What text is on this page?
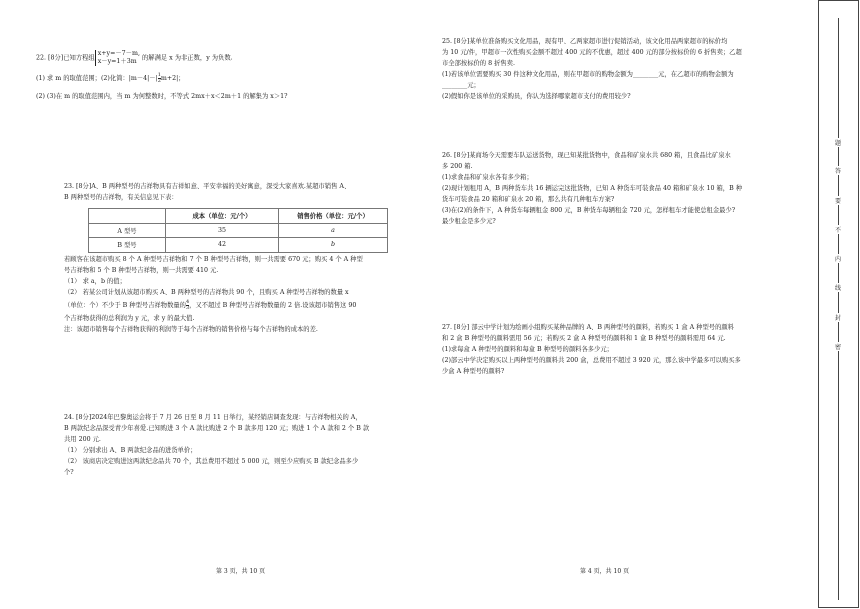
22. [8分]已知方程组
x+y=－7－m,
x－y=1＋3m 的解满足 x 为非正数，y 为负数.

(1) 求 m 的取值范围；(2)化简：$|m-4|-| \frac{1}{2} m+2|$；

(2) (3)在 m 的取值范围内，当 m 为何整数时，不等式 2mx＋x＜2m＋1 的解集为 x＞1?

23. [8分]A、B 两种型号的吉祥物具有吉祥如意、平安幸福的美好寓意，深受大家喜欢.某超市销售 A、

B 两种型号的吉祥物，有关信息见下表：

	成本（单位：元/个）	销售价格（单位：元/个）
A 型号	35	a
B 型号	42	b

若顾客在该超市购买 8 个 A 种型号吉祥物和 7 个 B 种型号吉祥物，则一共需要 670 元；购买 4 个 A 种型

号吉祥物和 5 个 B 种型号吉祥物，则一共需要 410 元.

（1） 求 a，b 的值；

（2） 若某公司计划从该超市购买 A、B 两种型号的吉祥物共 90 个，且购买 A 种型号吉祥物的数量 x

（单位：个）不少于 B 种型号吉祥物数量的 $\frac{4}{3}$ ，又不超过 B 种型号吉祥物数量的 2 倍.设该超市销售这 90

个吉祥物获得的总利润为 y 元，求 y 的最大值.

注：该超市销售每个吉祥物获得的利润等于每个吉祥物的销售价格与每个吉祥物的成本的差.

24. [8分]2024年巴黎奥运会将于 7 月 26 日至 8 月 11 日举行，某经销店调查发现：与吉祥物相关的 A，

B 两款纪念品深受青少年喜爱.已知购进 3 个 A 款比购进 2 个 B 款多用 120 元；购进 1 个 A 款和 2 个 B 款

共用 200 元.

（1） 分别求出 A、B 两款纪念品的进货单价；

（2） 该商店决定购进这两款纪念品共 70 个，其总费用不超过 5 000 元，则至少应购买 B 款纪念品多少

个?

第 3 页，共 10 页

25. [8分]某单位准备购买文化用品，现有甲、乙两家超市进行促销活动，该文化用品两家超市的标价均

为 10 元/件，甲超市一次性购买金额不超过 400 元的不优惠，超过 400 元的部分按标价的 6 折售卖；乙超

市全部按标价的 8 折售卖.

(1)若该单位需要购买 30 件这种文化用品，则在甲超市的购物金额为________元，在乙超市的购物金额为

________元；

(2)假如你是该单位的采购员，你认为选择哪家超市支付的费用较少?

26. [8分]某商场今天需要车队运送货物，现已知某批货物中，食品和矿泉水共 680 箱，且食品比矿泉水

多 200 箱.

(1)求食品和矿泉水各有多少箱；

(2)现计划租用 A，B 两种货车共 16 辆运完这批货物，已知 A 种货车可装食品 40 箱和矿泉水 10 箱，B 种

货车可装食品 20 箱和矿泉水 20 箱，那么共有几种租车方案?

(3)在(2)的条件下，A 种货车每辆租金 800 元，B 种货车每辆租金 720 元，怎样租车才能使总租金最少?

最少租金是多少元?

27. [8分] 部云中学计划为绘画小组购买某种品牌的 A、B 两种型号的颜料，若购买 1 盒 A 种型号的颜料

和 2 盒 B 种型号的颜料需用 56 元；若购买 2 盒 A 种型号的颜料和 1 盒 B 种型号的颜料需用 64 元.

(1)求每盒 A 种型号的颜料和每盒 B 种型号的颜料各多少元；

(2)部云中学决定购买以上两种型号的颜料共 200 盒，总费用不超过 3 920 元，那么该中学最多可以购买多

少盒 A 种型号的颜料?

第 4 页，共 10 页
题
答
要
不
内
线
封
密
